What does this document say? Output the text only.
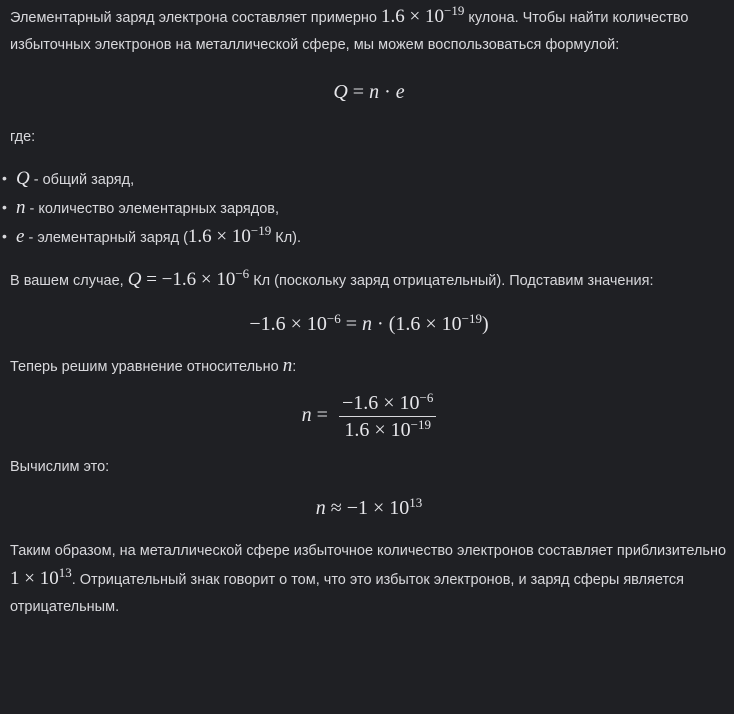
Элементарный заряд электрона составляет примерно $1.6 \times 10^{-19}$ кулона. Чтобы найти количество избыточных электронов на металлической сфере, мы можем воспользоваться формулой:

Q = n · e

где:

• Q - общий заряд,
• n - количество элементарных зарядов,
• e - элементарный заряд ($1.6 \times 10^{-19}$ Кл).

В вашем случае, $Q = -1.6 \times 10^{-6}$ Кл (поскольку заряд отрицательный). Подставим значения:

$-1.6 \times 10^{-6} = n \cdot (1.6 \times 10^{-19})$

Теперь решим уравнение относительно n:

$n = \frac{-1.6 \times 10^{-6}}{1.6 \times 10^{-19}}$

Вычислим это:

$n \approx -1 \times 10^{13}$

Таким образом, на металлической сфере избыточное количество электронов составляет приблизительно $1 \times 10^{13}$. Отрицательный знак говорит о том, что это избыток электронов, и заряд сферы является отрицательным.
